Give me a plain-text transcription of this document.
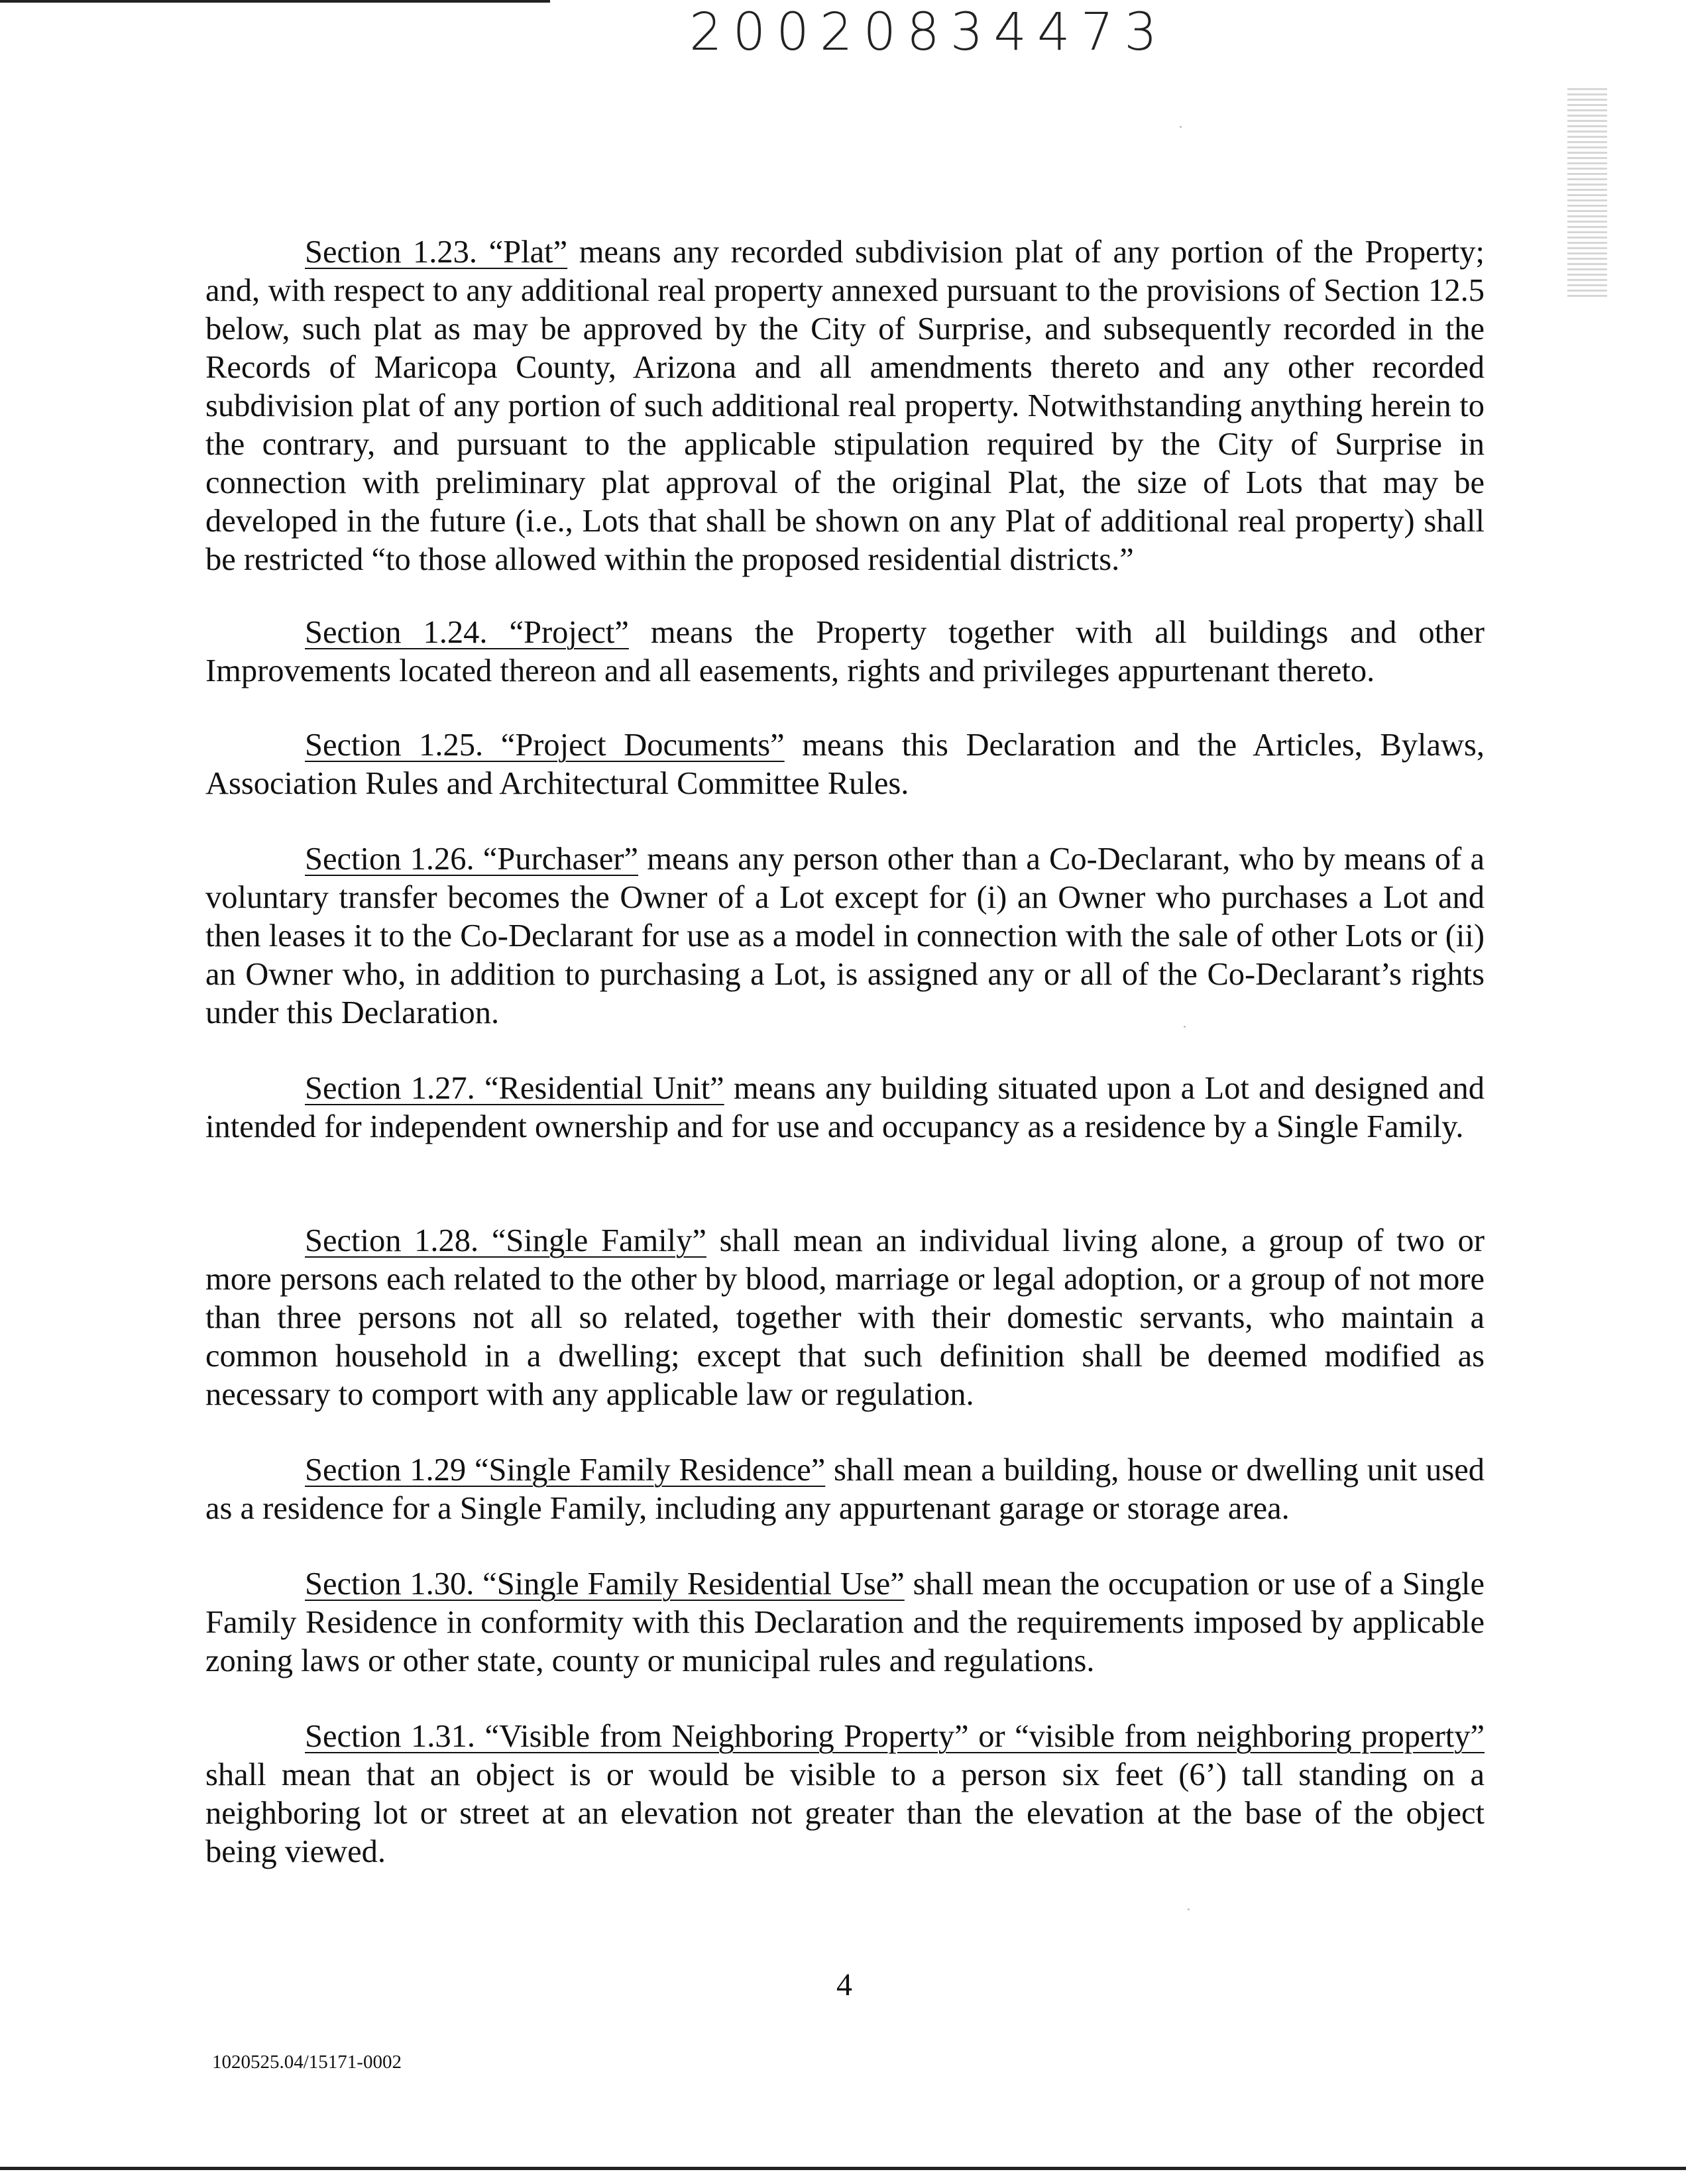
20020834473
Section 1.23. “Plat” means any recorded subdivision plat of any portion of the Property; and, with respect to any additional real property annexed pursuant to the provisions of Section 12.5 below, such plat as may be approved by the City of Surprise, and subsequently recorded in the Records of Maricopa County, Arizona and all amendments thereto and any other recorded subdivision plat of any portion of such additional real property. Notwithstanding anything herein to the contrary, and pursuant to the applicable stipulation required by the City of Surprise in connection with preliminary plat approval of the original Plat, the size of Lots that may be developed in the future (i.e., Lots that shall be shown on any Plat of additional real property) shall be restricted “to those allowed within the proposed residential districts.”
Section 1.24. “Project” means the Property together with all buildings and other Improvements located thereon and all easements, rights and privileges appurtenant thereto.
Section 1.25. “Project Documents” means this Declaration and the Articles, Bylaws, Association Rules and Architectural Committee Rules.
Section 1.26. “Purchaser” means any person other than a Co-Declarant, who by means of a voluntary transfer becomes the Owner of a Lot except for (i) an Owner who purchases a Lot and then leases it to the Co-Declarant for use as a model in connection with the sale of other Lots or (ii) an Owner who, in addition to purchasing a Lot, is assigned any or all of the Co-Declarant’s rights under this Declaration.
Section 1.27. “Residential Unit” means any building situated upon a Lot and designed and intended for independent ownership and for use and occupancy as a residence by a Single Family.
Section 1.28. “Single Family” shall mean an individual living alone, a group of two or more persons each related to the other by blood, marriage or legal adoption, or a group of not more than three persons not all so related, together with their domestic servants, who maintain a common household in a dwelling; except that such definition shall be deemed modified as necessary to comport with any applicable law or regulation.
Section 1.29 “Single Family Residence” shall mean a building, house or dwelling unit used as a residence for a Single Family, including any appurtenant garage or storage area.
Section 1.30. “Single Family Residential Use” shall mean the occupation or use of a Single Family Residence in conformity with this Declaration and the requirements imposed by applicable zoning laws or other state, county or municipal rules and regulations.
Section 1.31. “Visible from Neighboring Property” or “visible from neighboring property” shall mean that an object is or would be visible to a person six feet (6’) tall standing on a neighboring lot or street at an elevation not greater than the elevation at the base of the object being viewed.
4
1020525.04/15171-0002
